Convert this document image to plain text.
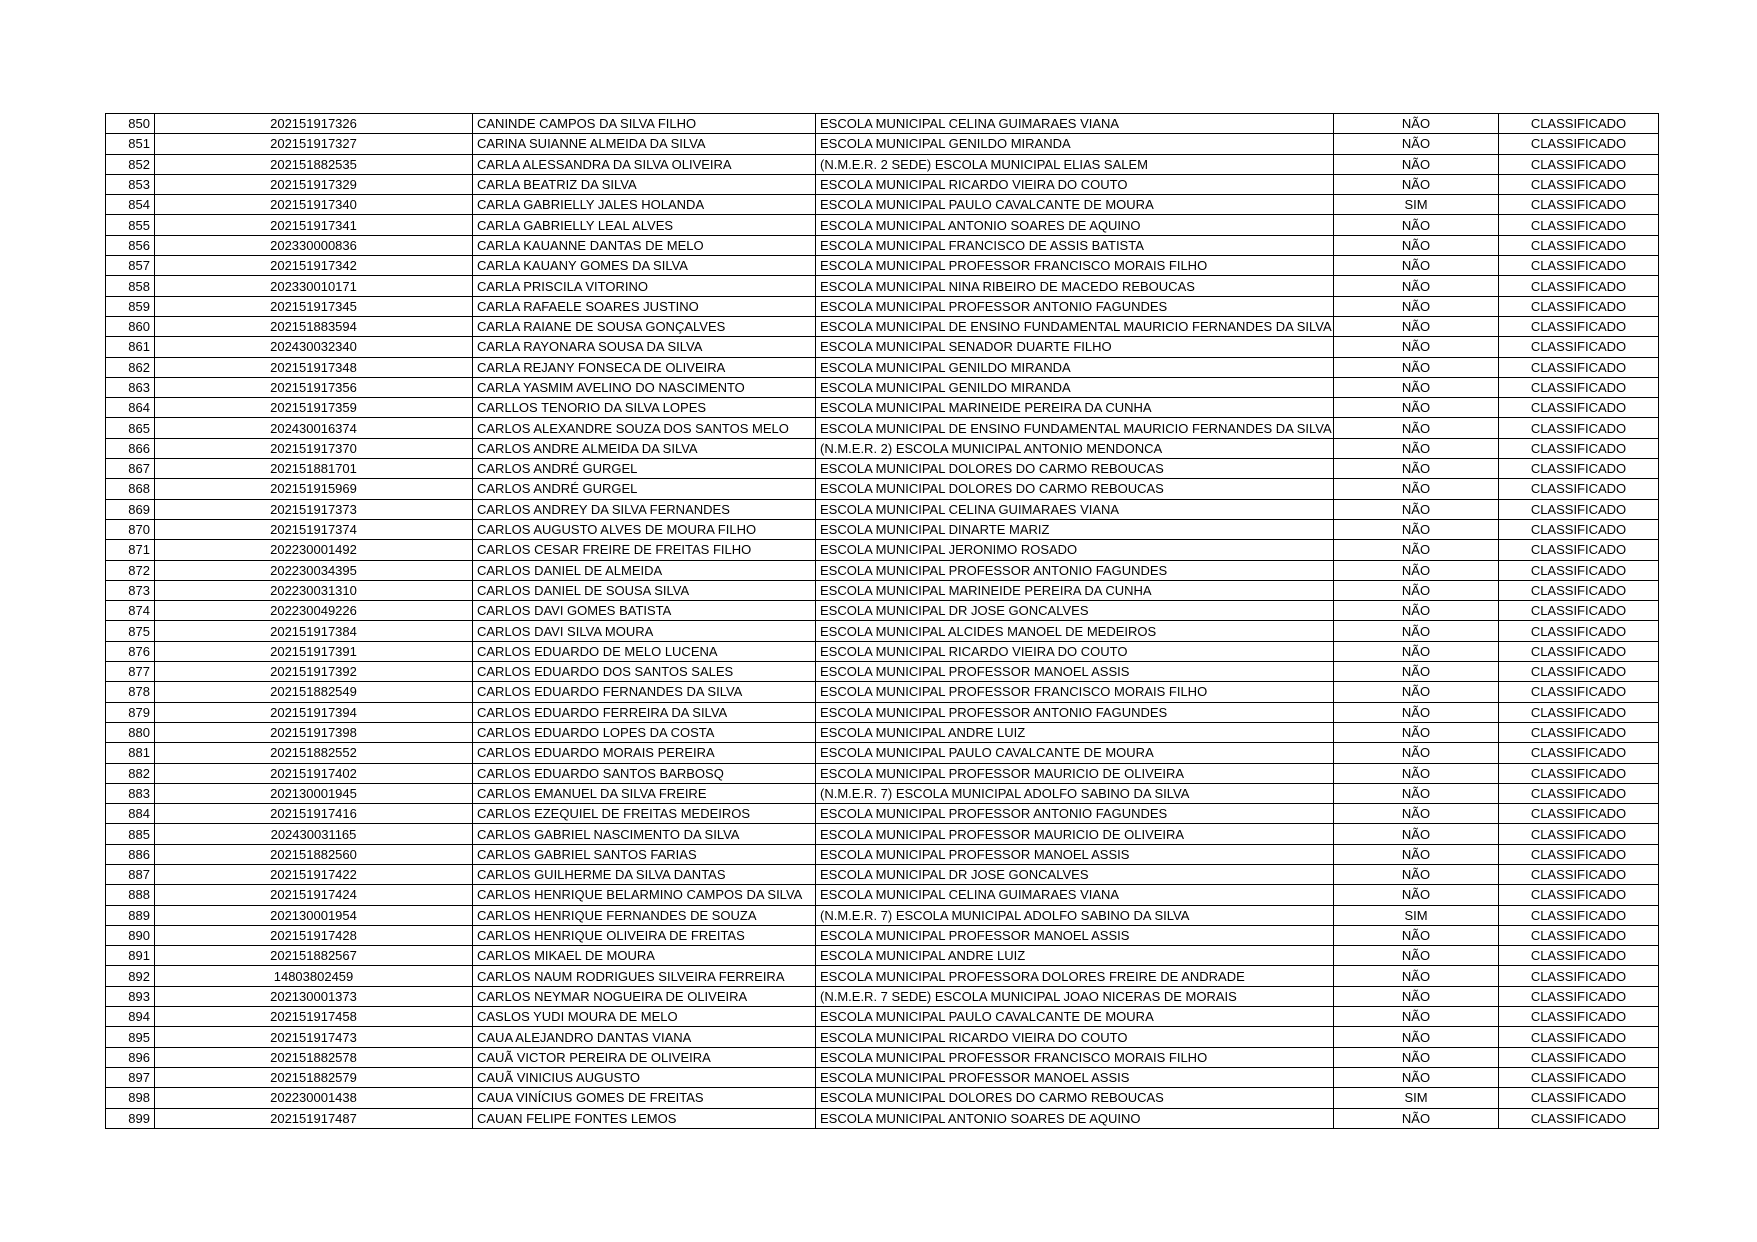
850	202151917326	CANINDE CAMPOS DA SILVA FILHO	ESCOLA MUNICIPAL CELINA GUIMARAES VIANA	NÃO	CLASSIFICADO
851	202151917327	CARINA SUIANNE ALMEIDA DA SILVA	ESCOLA MUNICIPAL GENILDO MIRANDA	NÃO	CLASSIFICADO
852	202151882535	CARLA ALESSANDRA DA SILVA OLIVEIRA	(N.M.E.R. 2 SEDE) ESCOLA MUNICIPAL ELIAS SALEM	NÃO	CLASSIFICADO
853	202151917329	CARLA BEATRIZ DA SILVA	ESCOLA MUNICIPAL RICARDO VIEIRA DO COUTO	NÃO	CLASSIFICADO
854	202151917340	CARLA GABRIELLY JALES HOLANDA	ESCOLA MUNICIPAL PAULO CAVALCANTE DE MOURA	SIM	CLASSIFICADO
855	202151917341	CARLA GABRIELLY LEAL ALVES	ESCOLA MUNICIPAL ANTONIO SOARES DE AQUINO	NÃO	CLASSIFICADO
856	202330000836	CARLA KAUANNE DANTAS DE MELO	ESCOLA MUNICIPAL FRANCISCO DE ASSIS BATISTA	NÃO	CLASSIFICADO
857	202151917342	CARLA KAUANY GOMES DA SILVA	ESCOLA MUNICIPAL PROFESSOR FRANCISCO MORAIS FILHO	NÃO	CLASSIFICADO
858	202330010171	CARLA PRISCILA VITORINO	ESCOLA MUNICIPAL NINA RIBEIRO DE MACEDO REBOUCAS	NÃO	CLASSIFICADO
859	202151917345	CARLA RAFAELE SOARES JUSTINO	ESCOLA MUNICIPAL PROFESSOR ANTONIO FAGUNDES	NÃO	CLASSIFICADO
860	202151883594	CARLA RAIANE DE SOUSA GONÇALVES	ESCOLA MUNICIPAL DE ENSINO FUNDAMENTAL MAURICIO FERNANDES DA SILVA	NÃO	CLASSIFICADO
861	202430032340	CARLA RAYONARA SOUSA DA SILVA	ESCOLA MUNICIPAL SENADOR DUARTE FILHO	NÃO	CLASSIFICADO
862	202151917348	CARLA REJANY FONSECA DE OLIVEIRA	ESCOLA MUNICIPAL GENILDO MIRANDA	NÃO	CLASSIFICADO
863	202151917356	CARLA YASMIM AVELINO DO NASCIMENTO	ESCOLA MUNICIPAL GENILDO MIRANDA	NÃO	CLASSIFICADO
864	202151917359	CARLLOS TENORIO DA SILVA LOPES	ESCOLA MUNICIPAL MARINEIDE PEREIRA DA CUNHA	NÃO	CLASSIFICADO
865	202430016374	CARLOS ALEXANDRE SOUZA DOS SANTOS MELO	ESCOLA MUNICIPAL DE ENSINO FUNDAMENTAL MAURICIO FERNANDES DA SILVA	NÃO	CLASSIFICADO
866	202151917370	CARLOS ANDRE ALMEIDA DA SILVA	(N.M.E.R. 2) ESCOLA MUNICIPAL ANTONIO MENDONCA	NÃO	CLASSIFICADO
867	202151881701	CARLOS ANDRÉ GURGEL	ESCOLA MUNICIPAL DOLORES DO CARMO REBOUCAS	NÃO	CLASSIFICADO
868	202151915969	CARLOS ANDRÉ GURGEL	ESCOLA MUNICIPAL DOLORES DO CARMO REBOUCAS	NÃO	CLASSIFICADO
869	202151917373	CARLOS ANDREY DA SILVA FERNANDES	ESCOLA MUNICIPAL CELINA GUIMARAES VIANA	NÃO	CLASSIFICADO
870	202151917374	CARLOS AUGUSTO ALVES DE MOURA FILHO	ESCOLA MUNICIPAL DINARTE MARIZ	NÃO	CLASSIFICADO
871	202230001492	CARLOS CESAR FREIRE DE FREITAS FILHO	ESCOLA MUNICIPAL JERONIMO ROSADO	NÃO	CLASSIFICADO
872	202230034395	CARLOS DANIEL DE ALMEIDA	ESCOLA MUNICIPAL PROFESSOR ANTONIO FAGUNDES	NÃO	CLASSIFICADO
873	202230031310	CARLOS DANIEL DE SOUSA SILVA	ESCOLA MUNICIPAL MARINEIDE PEREIRA DA CUNHA	NÃO	CLASSIFICADO
874	202230049226	CARLOS DAVI GOMES BATISTA	ESCOLA MUNICIPAL DR JOSE GONCALVES	NÃO	CLASSIFICADO
875	202151917384	CARLOS DAVI SILVA MOURA	ESCOLA MUNICIPAL ALCIDES MANOEL DE MEDEIROS	NÃO	CLASSIFICADO
876	202151917391	CARLOS EDUARDO DE MELO LUCENA	ESCOLA MUNICIPAL RICARDO VIEIRA DO COUTO	NÃO	CLASSIFICADO
877	202151917392	CARLOS EDUARDO DOS SANTOS SALES	ESCOLA MUNICIPAL PROFESSOR MANOEL ASSIS	NÃO	CLASSIFICADO
878	202151882549	CARLOS EDUARDO FERNANDES DA SILVA	ESCOLA MUNICIPAL PROFESSOR FRANCISCO MORAIS FILHO	NÃO	CLASSIFICADO
879	202151917394	CARLOS EDUARDO FERREIRA DA SILVA	ESCOLA MUNICIPAL PROFESSOR ANTONIO FAGUNDES	NÃO	CLASSIFICADO
880	202151917398	CARLOS EDUARDO LOPES DA COSTA	ESCOLA MUNICIPAL ANDRE LUIZ	NÃO	CLASSIFICADO
881	202151882552	CARLOS EDUARDO MORAIS PEREIRA	ESCOLA MUNICIPAL PAULO CAVALCANTE DE MOURA	NÃO	CLASSIFICADO
882	202151917402	CARLOS EDUARDO SANTOS BARBOSQ	ESCOLA MUNICIPAL PROFESSOR MAURICIO DE OLIVEIRA	NÃO	CLASSIFICADO
883	202130001945	CARLOS EMANUEL DA SILVA FREIRE	(N.M.E.R. 7) ESCOLA MUNICIPAL ADOLFO SABINO DA SILVA	NÃO	CLASSIFICADO
884	202151917416	CARLOS EZEQUIEL DE FREITAS MEDEIROS	ESCOLA MUNICIPAL PROFESSOR ANTONIO FAGUNDES	NÃO	CLASSIFICADO
885	202430031165	CARLOS GABRIEL NASCIMENTO DA SILVA	ESCOLA MUNICIPAL PROFESSOR MAURICIO DE OLIVEIRA	NÃO	CLASSIFICADO
886	202151882560	CARLOS GABRIEL SANTOS FARIAS	ESCOLA MUNICIPAL PROFESSOR MANOEL ASSIS	NÃO	CLASSIFICADO
887	202151917422	CARLOS GUILHERME DA SILVA DANTAS	ESCOLA MUNICIPAL DR JOSE GONCALVES	NÃO	CLASSIFICADO
888	202151917424	CARLOS HENRIQUE BELARMINO CAMPOS DA SILVA	ESCOLA MUNICIPAL CELINA GUIMARAES VIANA	NÃO	CLASSIFICADO
889	202130001954	CARLOS HENRIQUE FERNANDES DE SOUZA	(N.M.E.R. 7) ESCOLA MUNICIPAL ADOLFO SABINO DA SILVA	SIM	CLASSIFICADO
890	202151917428	CARLOS HENRIQUE OLIVEIRA DE FREITAS	ESCOLA MUNICIPAL PROFESSOR MANOEL ASSIS	NÃO	CLASSIFICADO
891	202151882567	CARLOS MIKAEL DE MOURA	ESCOLA MUNICIPAL ANDRE LUIZ	NÃO	CLASSIFICADO
892	14803802459	CARLOS NAUM RODRIGUES SILVEIRA FERREIRA	ESCOLA MUNICIPAL PROFESSORA DOLORES FREIRE DE ANDRADE	NÃO	CLASSIFICADO
893	202130001373	CARLOS NEYMAR NOGUEIRA DE OLIVEIRA	(N.M.E.R. 7 SEDE) ESCOLA MUNICIPAL JOAO NICERAS DE MORAIS	NÃO	CLASSIFICADO
894	202151917458	CASLOS YUDI MOURA DE MELO	ESCOLA MUNICIPAL PAULO CAVALCANTE DE MOURA	NÃO	CLASSIFICADO
895	202151917473	CAUA ALEJANDRO DANTAS VIANA	ESCOLA MUNICIPAL RICARDO VIEIRA DO COUTO	NÃO	CLASSIFICADO
896	202151882578	CAUÃ VICTOR PEREIRA DE OLIVEIRA	ESCOLA MUNICIPAL PROFESSOR FRANCISCO MORAIS FILHO	NÃO	CLASSIFICADO
897	202151882579	CAUÃ VINICIUS AUGUSTO	ESCOLA MUNICIPAL PROFESSOR MANOEL ASSIS	NÃO	CLASSIFICADO
898	202230001438	CAUA VINÍCIUS GOMES DE FREITAS	ESCOLA MUNICIPAL DOLORES DO CARMO REBOUCAS	SIM	CLASSIFICADO
899	202151917487	CAUAN FELIPE FONTES LEMOS	ESCOLA MUNICIPAL ANTONIO SOARES DE AQUINO	NÃO	CLASSIFICADO
